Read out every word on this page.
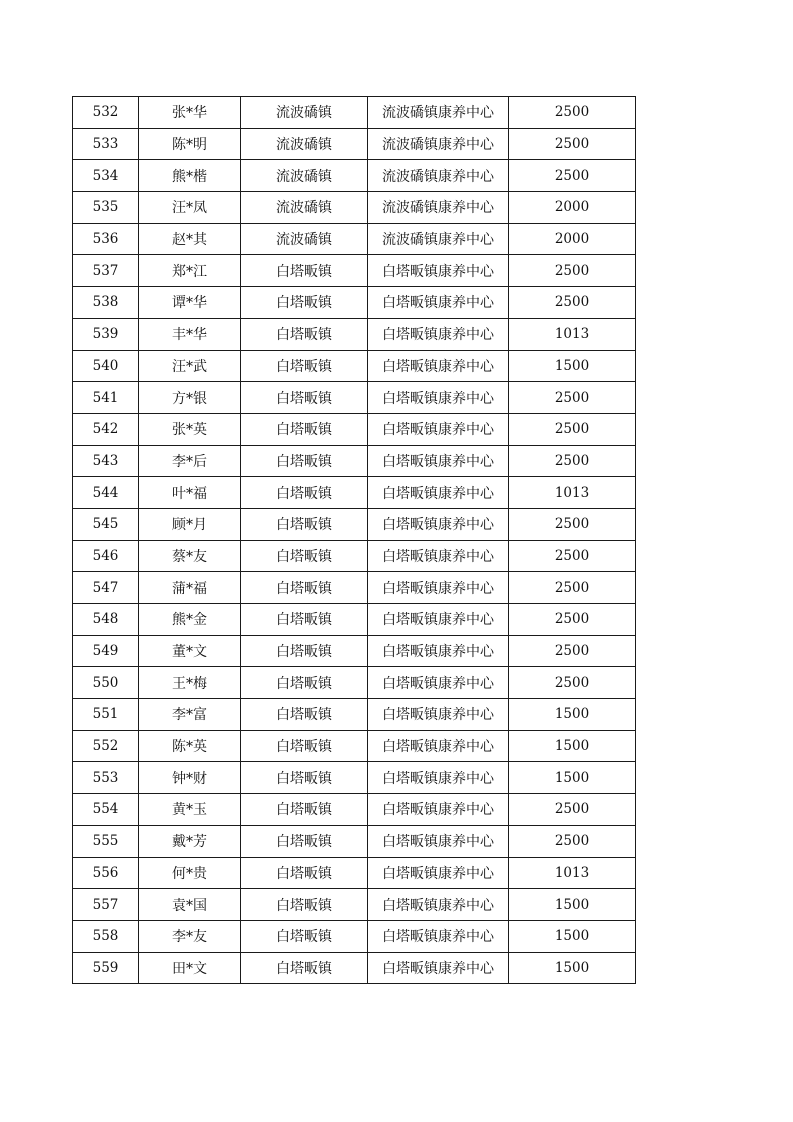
532	张*华	流波礄镇	流波礄镇康养中心	2500
533	陈*明	流波礄镇	流波礄镇康养中心	2500
534	熊*楷	流波礄镇	流波礄镇康养中心	2500
535	汪*凤	流波礄镇	流波礄镇康养中心	2000
536	赵*其	流波礄镇	流波礄镇康养中心	2000
537	郑*江	白塔畈镇	白塔畈镇康养中心	2500
538	谭*华	白塔畈镇	白塔畈镇康养中心	2500
539	丰*华	白塔畈镇	白塔畈镇康养中心	1013
540	汪*武	白塔畈镇	白塔畈镇康养中心	1500
541	方*银	白塔畈镇	白塔畈镇康养中心	2500
542	张*英	白塔畈镇	白塔畈镇康养中心	2500
543	李*后	白塔畈镇	白塔畈镇康养中心	2500
544	叶*福	白塔畈镇	白塔畈镇康养中心	1013
545	顾*月	白塔畈镇	白塔畈镇康养中心	2500
546	蔡*友	白塔畈镇	白塔畈镇康养中心	2500
547	蒲*福	白塔畈镇	白塔畈镇康养中心	2500
548	熊*金	白塔畈镇	白塔畈镇康养中心	2500
549	董*文	白塔畈镇	白塔畈镇康养中心	2500
550	王*梅	白塔畈镇	白塔畈镇康养中心	2500
551	李*富	白塔畈镇	白塔畈镇康养中心	1500
552	陈*英	白塔畈镇	白塔畈镇康养中心	1500
553	钟*财	白塔畈镇	白塔畈镇康养中心	1500
554	黄*玉	白塔畈镇	白塔畈镇康养中心	2500
555	戴*芳	白塔畈镇	白塔畈镇康养中心	2500
556	何*贵	白塔畈镇	白塔畈镇康养中心	1013
557	袁*国	白塔畈镇	白塔畈镇康养中心	1500
558	李*友	白塔畈镇	白塔畈镇康养中心	1500
559	田*文	白塔畈镇	白塔畈镇康养中心	1500
